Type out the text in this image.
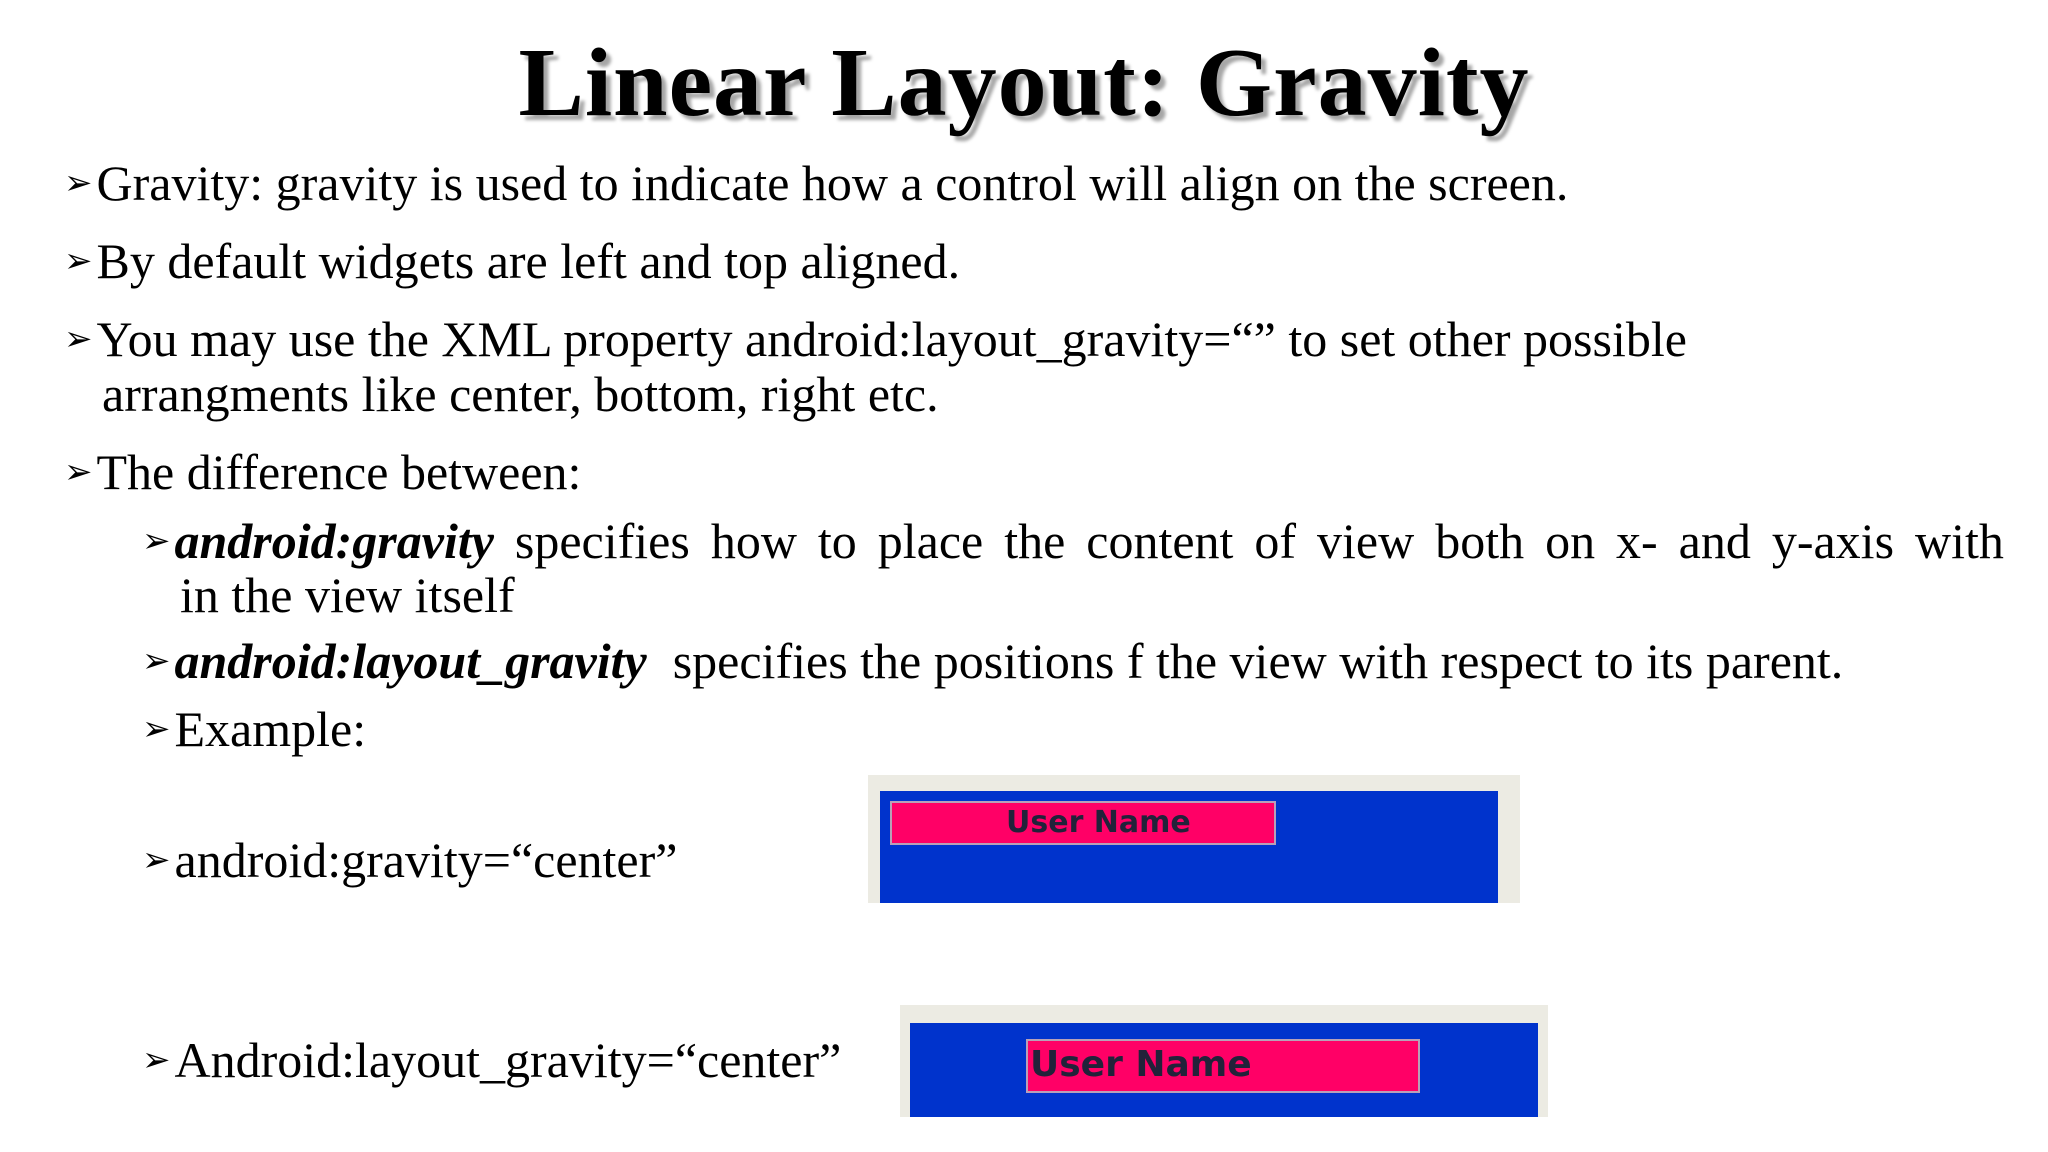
Linear Layout: Gravity
➢Gravity: gravity is used to indicate how a control will align on the screen.
➢By default widgets are left and top aligned.
➢You may use the XML property android:layout_gravity=“” to set other possible
arrangments like center, bottom, right etc.
➢The difference between:
➢android:gravity specifies how to place the content of view both on x- and y-axis with
in the view itself
➢android:layout_gravity specifies the positions f the view with respect to its parent.
➢Example:
➢android:gravity=“center”
User Name
➢Android:layout_gravity=“center”	User Name
